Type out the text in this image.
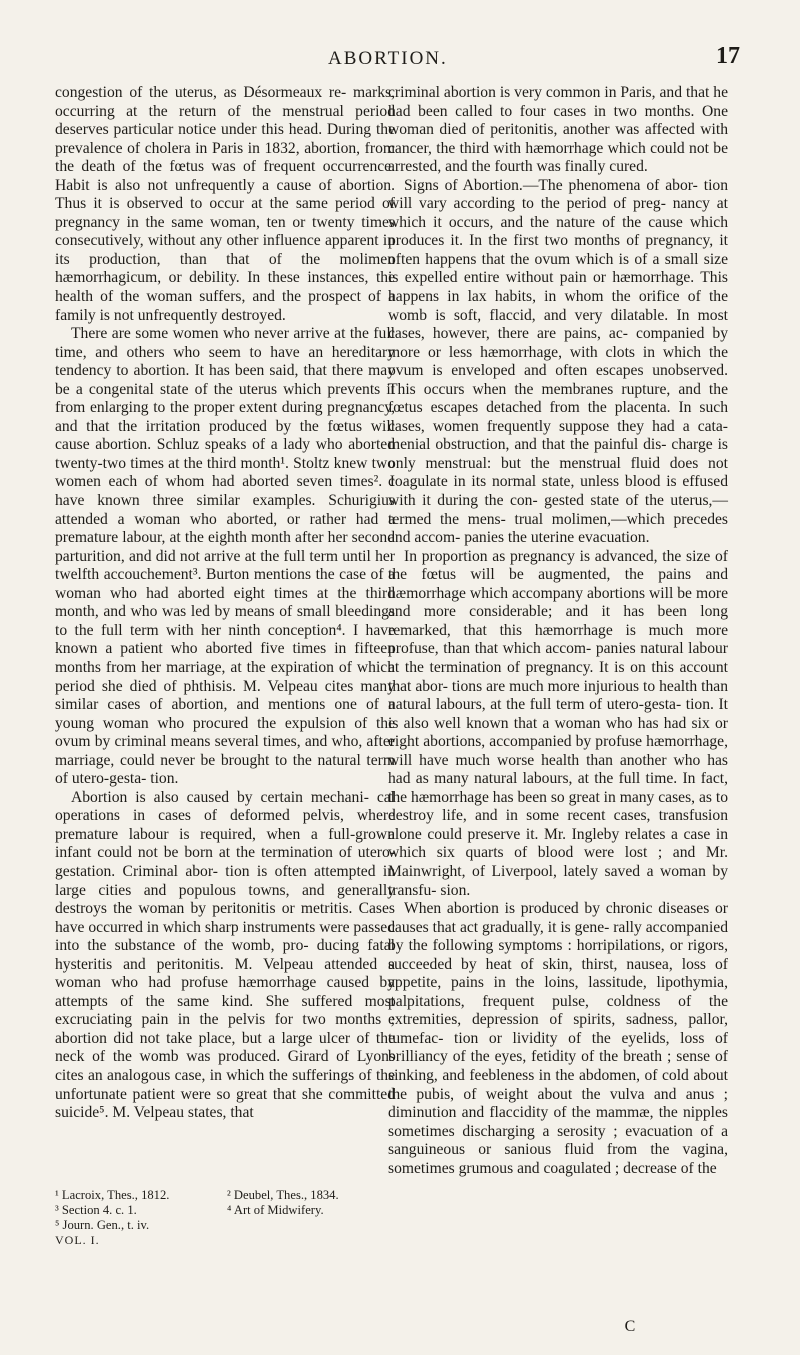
ABORTION.	17

congestion of the uterus, as Désormeaux re- marks, occurring at the return of the menstrual period deserves particular notice under this head. During the prevalence of cholera in Paris in 1832, abortion, from the death of the fœtus was of frequent occurrence. Habit is also not unfrequently a cause of abortion. Thus it is observed to occur at the same period of pregnancy in the same woman, ten or twenty times consecutively, without any other influence apparent in its production, than that of the molimen hæmorrhagicum, or debility. In these instances, the health of the woman suffers, and the prospect of a family is not unfrequently destroyed.

There are some women who never arrive at the full time, and others who seem to have an hereditary tendency to abortion. It has been said, that there may be a congenital state of the uterus which prevents it from enlarging to the proper extent during pregnancy, and that the irritation produced by the fœtus will cause abortion. Schluz speaks of a lady who aborted twenty-two times at the third month¹. Stoltz knew two women each of whom had aborted seven times². I have known three similar examples. Schurigius attended a woman who aborted, or rather had a premature labour, at the eighth month after her second parturition, and did not arrive at the full term until her twelfth accouchement³. Burton mentions the case of a woman who had aborted eight times at the third month, and who was led by means of small bleedings to the full term with her ninth conception⁴. I have known a patient who aborted five times in fifteen months from her marriage, at the expiration of which period she died of phthisis. M. Velpeau cites many similar cases of abortion, and mentions one of a young woman who procured the expulsion of the ovum by criminal means several times, and who, after marriage, could never be brought to the natural term of utero-gesta- tion.

Abortion is also caused by certain mechani- cal operations in cases of deformed pelvis, where premature labour is required, when a full-grown infant could not be born at the termination of utero-gestation. Criminal abor- tion is often attempted in large cities and populous towns, and generally destroys the woman by peritonitis or metritis. Cases have occurred in which sharp instruments were passed into the substance of the womb, pro- ducing fatal hysteritis and peritonitis. M. Velpeau attended a woman who had profuse hæmorrhage caused by attempts of the same kind. She suffered most excruciating pain in the pelvis for two months ; abortion did not take place, but a large ulcer of the neck of the womb was produced. Girard of Lyons cites an analogous case, in which the sufferings of the unfortunate patient were so great that she committed suicide⁵. M. Velpeau states, that

criminal abortion is very common in Paris, and that he had been called to four cases in two months. One woman died of peritonitis, another was affected with cancer, the third with hæmorrhage which could not be arrested, and the fourth was finally cured.

Signs of Abortion.—The phenomena of abor- tion will vary according to the period of preg- nancy at which it occurs, and the nature of the cause which produces it. In the first two months of pregnancy, it often happens that the ovum which is of a small size is expelled entire without pain or hæmorrhage. This happens in lax habits, in whom the orifice of the womb is soft, flaccid, and very dilatable. In most cases, however, there are pains, ac- companied by more or less hæmorrhage, with clots in which the ovum is enveloped and often escapes unobserved. This occurs when the membranes rupture, and the fœtus escapes detached from the placenta. In such cases, women frequently suppose they had a cata- menial obstruction, and that the painful dis- charge is only menstrual: but the menstrual fluid does not coagulate in its normal state, unless blood is effused with it during the con- gested state of the uterus,—termed the mens- trual molimen,—which precedes and accom- panies the uterine evacuation.

In proportion as pregnancy is advanced, the size of the fœtus will be augmented, the pains and hæmorrhage which accompany abortions will be more and more considerable; and it has been long remarked, that this hæmorrhage is much more profuse, than that which accom- panies natural labour at the termination of pregnancy. It is on this account that abor- tions are much more injurious to health than natural labours, at the full term of utero-gesta- tion. It is also well known that a woman who has had six or eight abortions, accompanied by profuse hæmorrhage, will have much worse health than another who has had as many natural labours, at the full time. In fact, the hæmorrhage has been so great in many cases, as to destroy life, and in some recent cases, transfusion alone could preserve it. Mr. Ingleby relates a case in which six quarts of blood were lost ; and Mr. Mainwright, of Liverpool, lately saved a woman by transfu- sion.

When abortion is produced by chronic diseases or causes that act gradually, it is gene- rally accompanied by the following symptoms : horripilations, or rigors, succeeded by heat of skin, thirst, nausea, loss of appetite, pains in the loins, lassitude, lipothymia, palpitations, frequent pulse, coldness of the extremities, depression of spirits, sadness, pallor, tumefac- tion or lividity of the eyelids, loss of brilliancy of the eyes, fetidity of the breath ; sense of sinking, and feebleness in the abdomen, of cold about the pubis, of weight about the vulva and anus ; diminution and flaccidity of the mammæ, the nipples sometimes discharging a serosity ; evacuation of a sanguineous or sanious fluid from the vagina, sometimes grumous and coagulated ; decrease of the

¹ Lacroix, Thes., 1812.	² Deubel, Thes., 1834.
³ Section 4. c. 1.	⁴ Art of Midwifery.
⁵ Journ. Gen., t. iv.
VOL. I.
C
